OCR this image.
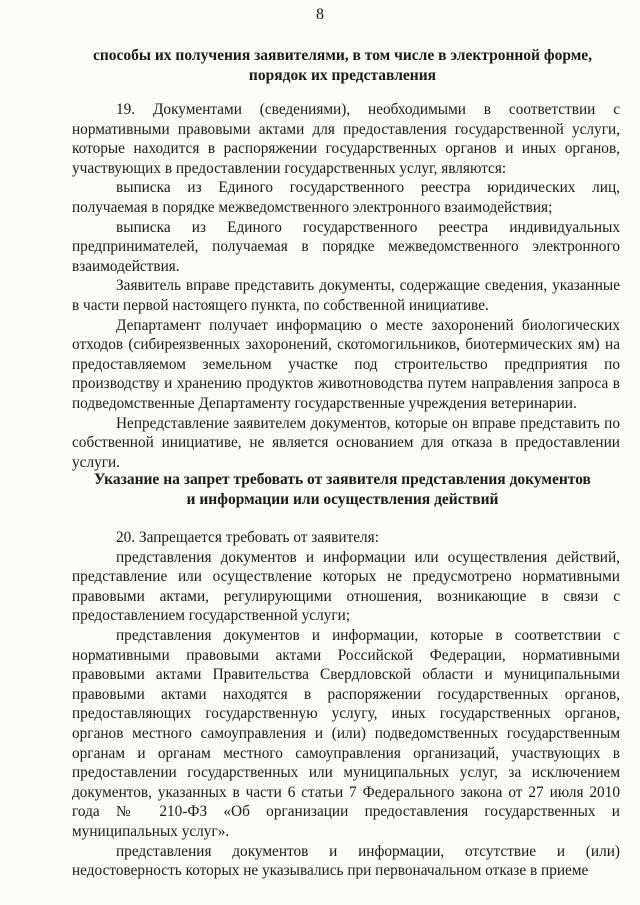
8
способы их получения заявителями, в том числе в электронной форме,
порядок их представления

19. Документами (сведениями), необходимыми в соответствии с нормативными правовыми актами для предоставления государственной услуги, которые находится в распоряжении государственных органов и иных органов, участвующих в предоставлении государственных услуг, являются:

выписка из Единого государственного реестра юридических лиц, получаемая в порядке межведомственного электронного взаимодействия;

выписка из Единого государственного реестра индивидуальных предпринимателей, получаемая в порядке межведомственного электронного взаимодействия.

Заявитель вправе представить документы, содержащие сведения, указанные в части первой настоящего пункта, по собственной инициативе.

Департамент получает информацию о месте захоронений биологических отходов (сибиреязвенных захоронений, скотомогильников, биотермических ям) на предоставляемом земельном участке под строительство предприятия по производству и хранению продуктов животноводства путем направления запроса в подведомственные Департаменту государственные учреждения ветеринарии.

Непредставление заявителем документов, которые он вправе представить по собственной инициативе, не является основанием для отказа в предоставлении услуги.

Указание на запрет требовать от заявителя представления документов
и информации или осуществления действий

20. Запрещается требовать от заявителя:

представления документов и информации или осуществления действий, представление или осуществление которых не предусмотрено нормативными правовыми актами, регулирующими отношения, возникающие в связи с предоставлением государственной услуги;

представления документов и информации, которые в соответствии с нормативными правовыми актами Российской Федерации, нормативными правовыми актами Правительства Свердловской области и муниципальными правовыми актами находятся в распоряжении государственных органов, предоставляющих государственную услугу, иных государственных органов, органов местного самоуправления и (или) подведомственных государственным органам и органам местного самоуправления организаций, участвующих в предоставлении государственных или муниципальных услуг, за исключением документов, указанных в части 6 статьи 7 Федерального закона от 27 июля 2010 года № 210-ФЗ «Об организации предоставления государственных и муниципальных услуг».

представления документов и информации, отсутствие и (или) недостоверность которых не указывались при первоначальном отказе в приеме
